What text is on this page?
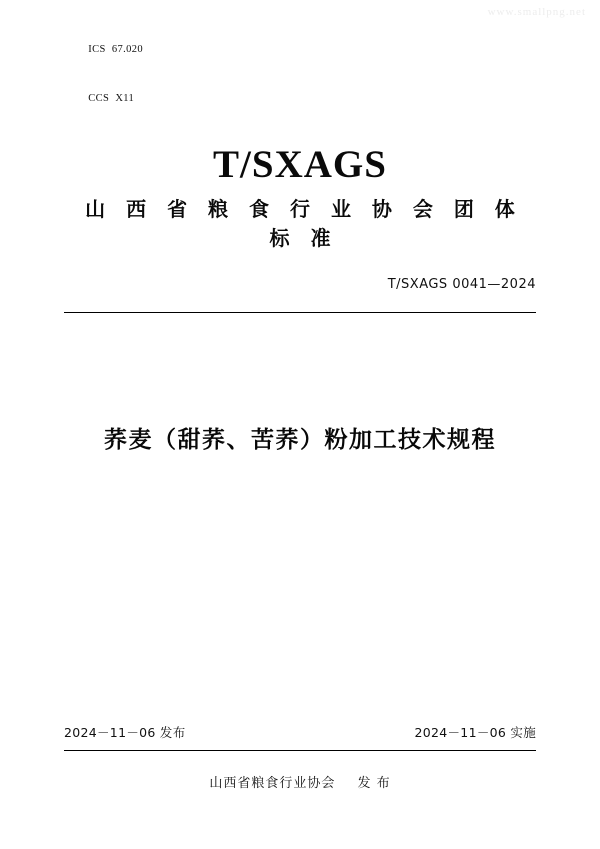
www.smallpng.net

ICS 67.020

CCS X11

T/SXAGS
山 西 省 粮 食 行 业 协 会 团 体 标 准
T/SXAGS 0041—2024
荞麦（甜荞、苦荞）粉加工技术规程
2024－11－06 发布	2024－11－06 实施
山西省粮食行业协会 发 布
